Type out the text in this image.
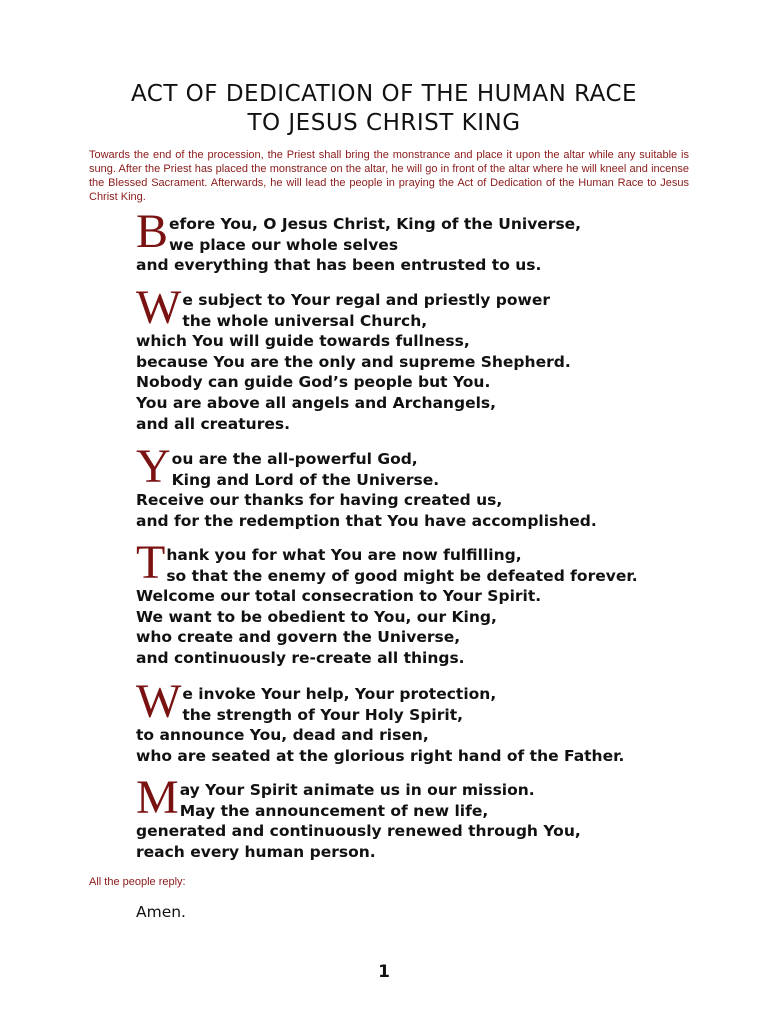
ACT OF DEDICATION OF THE HUMAN RACE
TO JESUS CHRIST KING
Towards the end of the procession, the Priest shall bring the monstrance and place it upon the altar while any suitable is sung. After the Priest has placed the monstrance on the altar, he will go in front of the altar where he will kneel and incense the Blessed Sacrament. Afterwards, he will lead the people in praying the Act of Dedication of the Human Race to Jesus Christ King.
B efore You, O Jesus Christ, King of the Universe,
we place our whole selves
and everything that has been entrusted to us.
W e subject to Your regal and priestly power
the whole universal Church,
which You will guide towards fullness,
because You are the only and supreme Shepherd.
Nobody can guide God’s people but You.
You are above all angels and Archangels,
and all creatures.
Y ou are the all-powerful God,
King and Lord of the Universe.
Receive our thanks for having created us,
and for the redemption that You have accomplished.
T hank you for what You are now fulfilling,
so that the enemy of good might be defeated forever.
Welcome our total consecration to Your Spirit.
We want to be obedient to You, our King,
who create and govern the Universe,
and continuously re-create all things.
W e invoke Your help, Your protection,
the strength of Your Holy Spirit,
to announce You, dead and risen,
who are seated at the glorious right hand of the Father.
M ay Your Spirit animate us in our mission.
May the announcement of new life,
generated and continuously renewed through You,
reach every human person.
All the people reply:
Amen.
1
